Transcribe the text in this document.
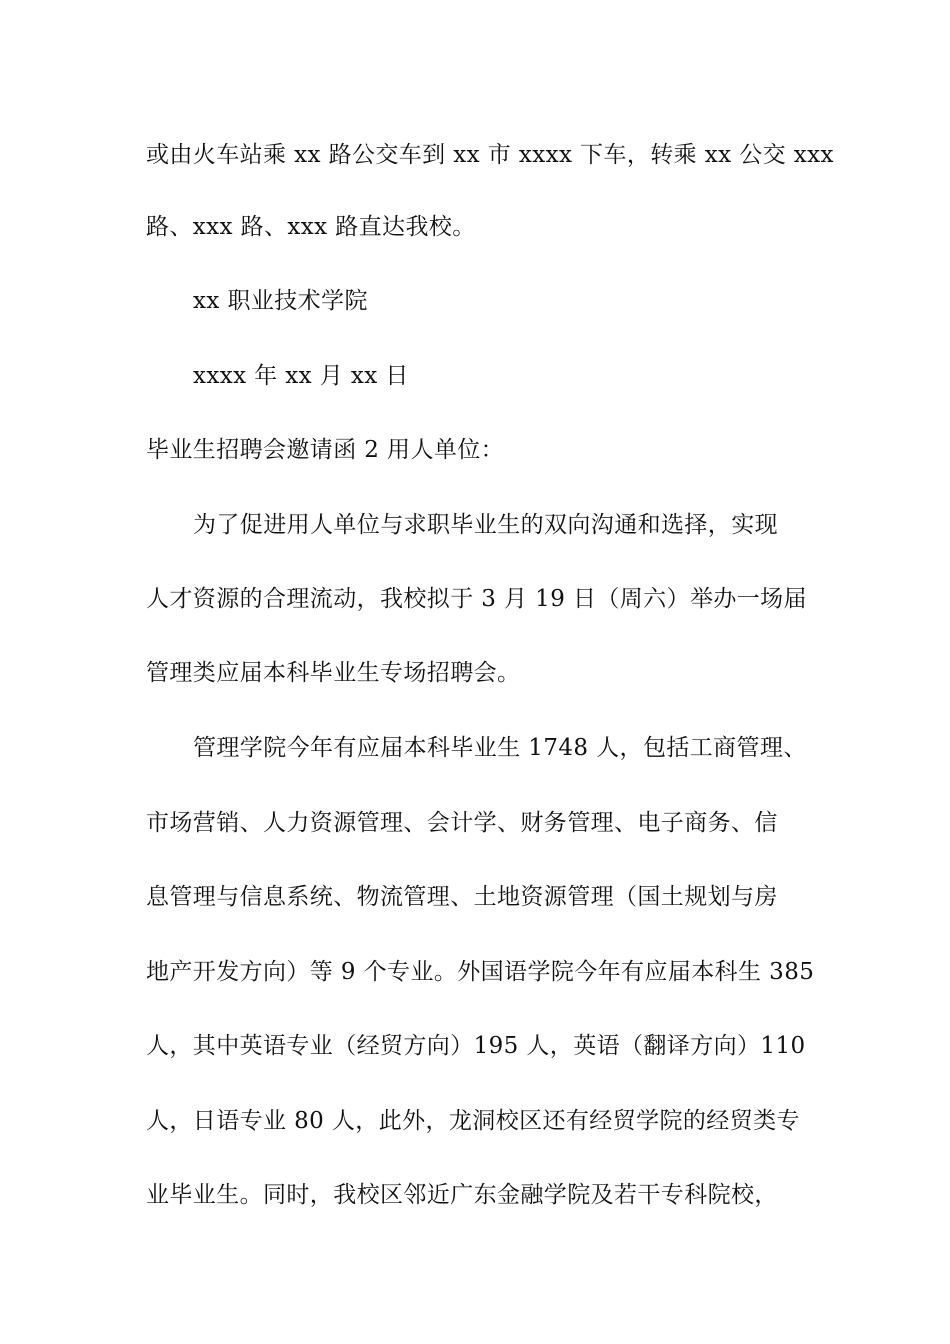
或由火车站乘 xx 路公交车到 xx 市 xxxx 下车，转乘 xx 公交 xxx
路、xxx 路、xxx 路直达我校。
xx 职业技术学院
xxxx 年 xx 月 xx 日
毕业生招聘会邀请函 2 用人单位：
为了促进用人单位与求职毕业生的双向沟通和选择，实现
人才资源的合理流动，我校拟于 3 月 19 日（周六）举办一场届
管理类应届本科毕业生专场招聘会。
管理学院今年有应届本科毕业生 1748 人，包括工商管理、
市场营销、人力资源管理、会计学、财务管理、电子商务、信
息管理与信息系统、物流管理、土地资源管理（国土规划与房
地产开发方向）等 9 个专业。外国语学院今年有应届本科生 385
人，其中英语专业（经贸方向）195 人，英语（翻译方向）110
人，日语专业 80 人，此外，龙洞校区还有经贸学院的经贸类专
业毕业生。同时，我校区邻近广东金融学院及若干专科院校，
